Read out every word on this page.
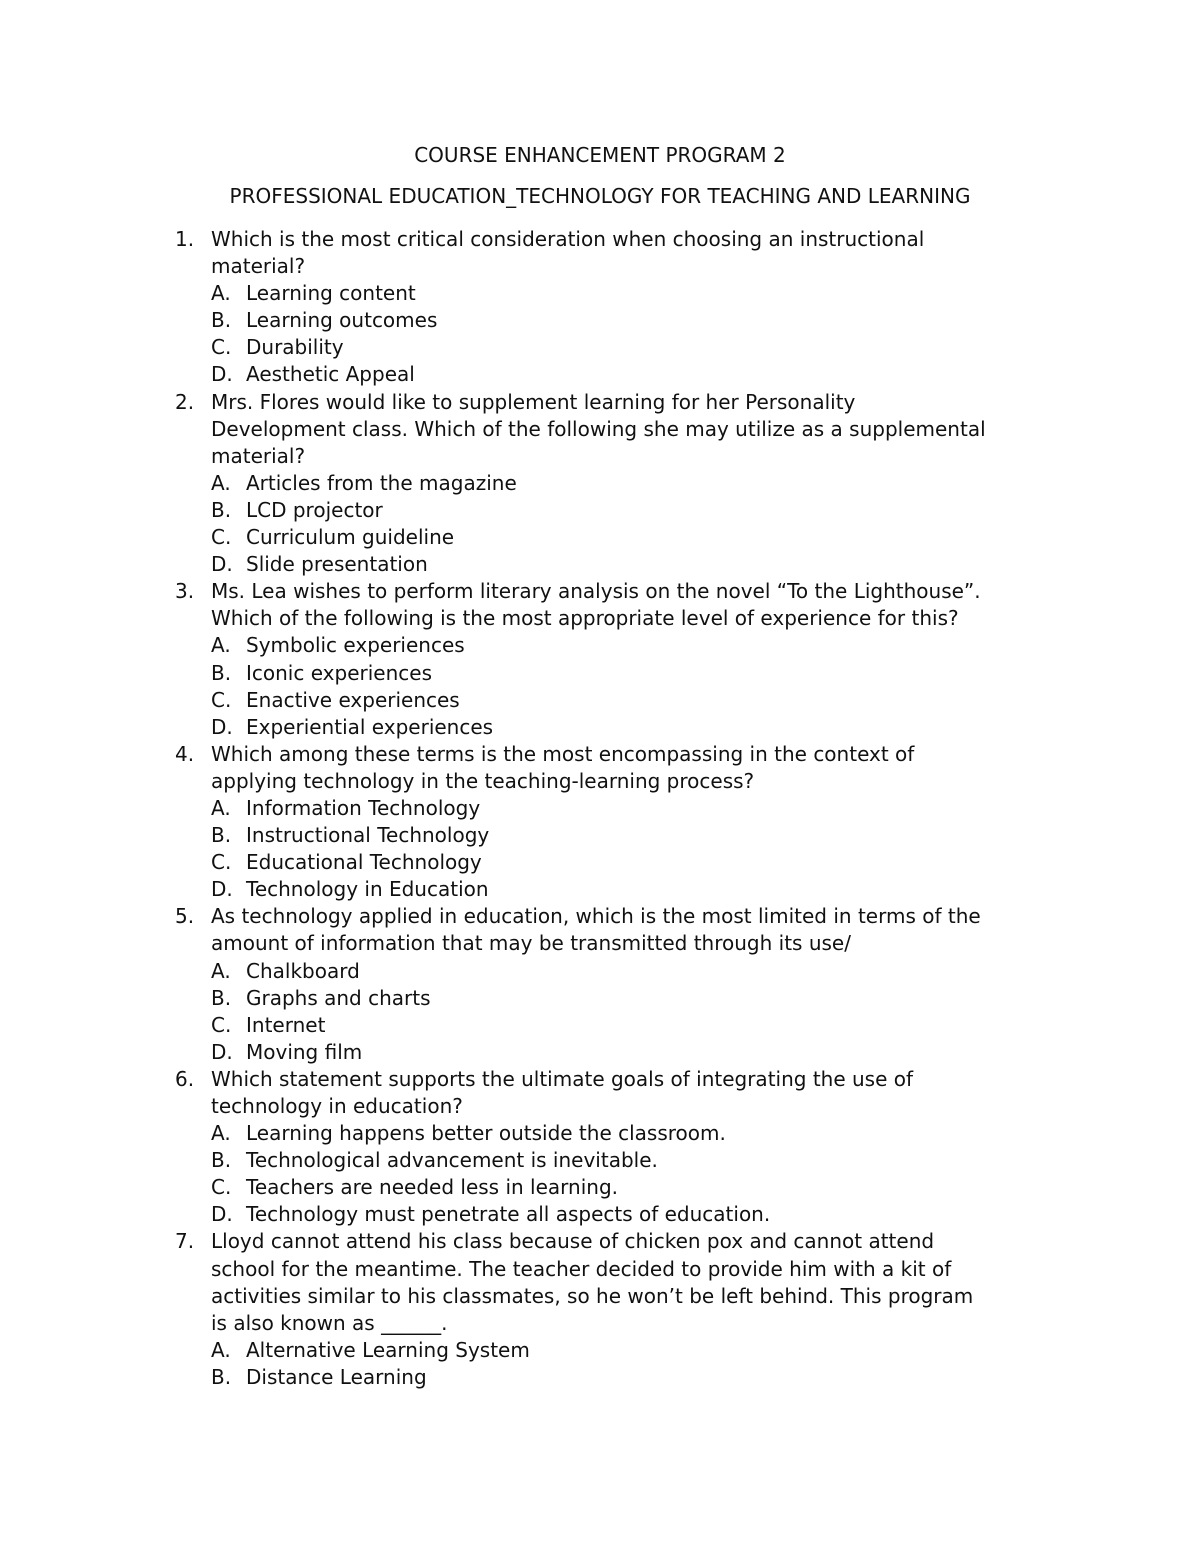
COURSE ENHANCEMENT PROGRAM 2
PROFESSIONAL EDUCATION_TECHNOLOGY FOR TEACHING AND LEARNING
1. Which is the most critical consideration when choosing an instructional
material?
A. Learning content
B. Learning outcomes
C. Durability
D. Aesthetic Appeal
2. Mrs. Flores would like to supplement learning for her Personality
Development class. Which of the following she may utilize as a supplemental
material?
A. Articles from the magazine
B. LCD projector
C. Curriculum guideline
D. Slide presentation
3. Ms. Lea wishes to perform literary analysis on the novel “To the Lighthouse”.
Which of the following is the most appropriate level of experience for this?
A. Symbolic experiences
B. Iconic experiences
C. Enactive experiences
D. Experiential experiences
4. Which among these terms is the most encompassing in the context of
applying technology in the teaching-learning process?
A. Information Technology
B. Instructional Technology
C. Educational Technology
D. Technology in Education
5. As technology applied in education, which is the most limited in terms of the
amount of information that may be transmitted through its use/
A. Chalkboard
B. Graphs and charts
C. Internet
D. Moving film
6. Which statement supports the ultimate goals of integrating the use of
technology in education?
A. Learning happens better outside the classroom.
B. Technological advancement is inevitable.
C. Teachers are needed less in learning.
D. Technology must penetrate all aspects of education.
7. Lloyd cannot attend his class because of chicken pox and cannot attend
school for the meantime. The teacher decided to provide him with a kit of
activities similar to his classmates, so he won’t be left behind. This program
is also known as ______.
A. Alternative Learning System
B. Distance Learning
